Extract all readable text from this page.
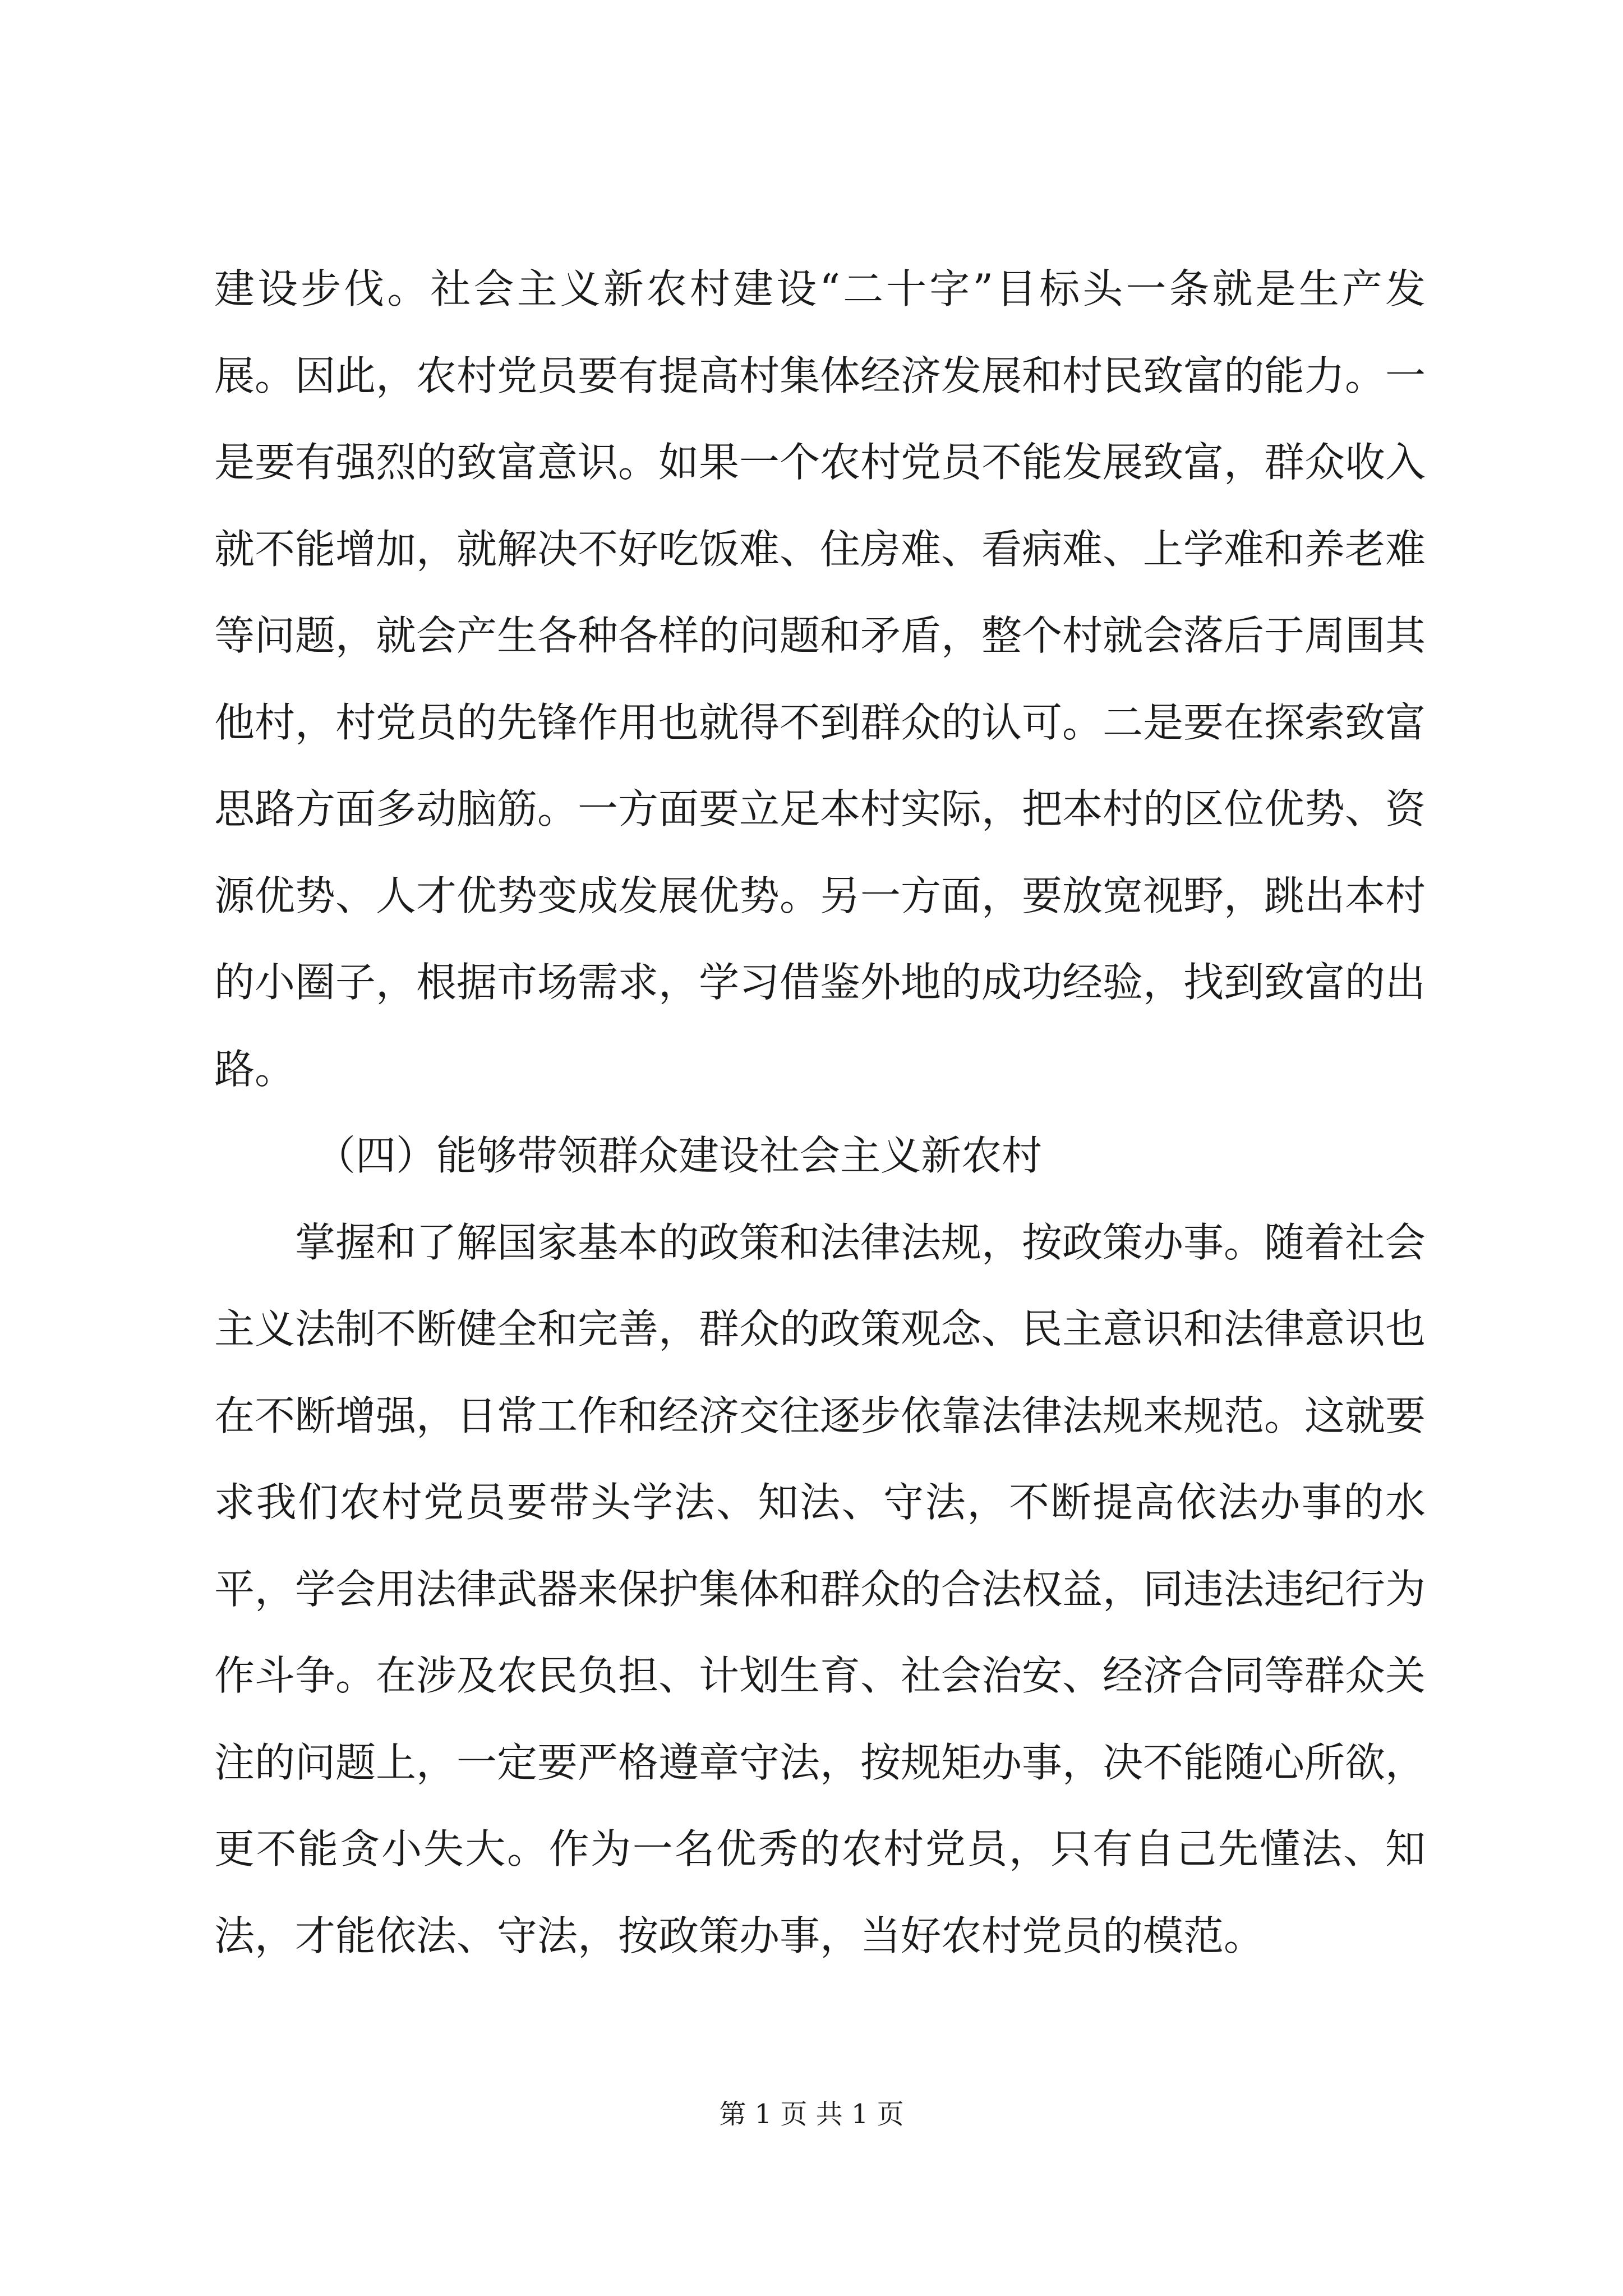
建设步伐。社会主义新农村建设“二十字”目标头一条就是生产发展。因此，农村党员要有提高村集体经济发展和村民致富的能力。一是要有强烈的致富意识。如果一个农村党员不能发展致富，群众收入就不能增加，就解决不好吃饭难、住房难、看病难、上学难和养老难等问题，就会产生各种各样的问题和矛盾，整个村就会落后于周围其他村，村党员的先锋作用也就得不到群众的认可。二是要在探索致富思路方面多动脑筋。一方面要立足本村实际，把本村的区位优势、资源优势、人才优势变成发展优势。另一方面，要放宽视野，跳出本村的小圈子，根据市场需求，学习借鉴外地的成功经验，找到致富的出路。

（四）能够带领群众建设社会主义新农村

掌握和了解国家基本的政策和法律法规，按政策办事。随着社会主义法制不断健全和完善，群众的政策观念、民主意识和法律意识也在不断增强，日常工作和经济交往逐步依靠法律法规来规范。这就要求我们农村党员要带头学法、知法、守法，不断提高依法办事的水平，学会用法律武器来保护集体和群众的合法权益，同违法违纪行为作斗争。在涉及农民负担、计划生育、社会治安、经济合同等群众关注的问题上，一定要严格遵章守法，按规矩办事，决不能随心所欲，更不能贪小失大。作为一名优秀的农村党员，只有自己先懂法、知法，才能依法、守法，按政策办事，当好农村党员的模范。

第 1 页 共 1 页
